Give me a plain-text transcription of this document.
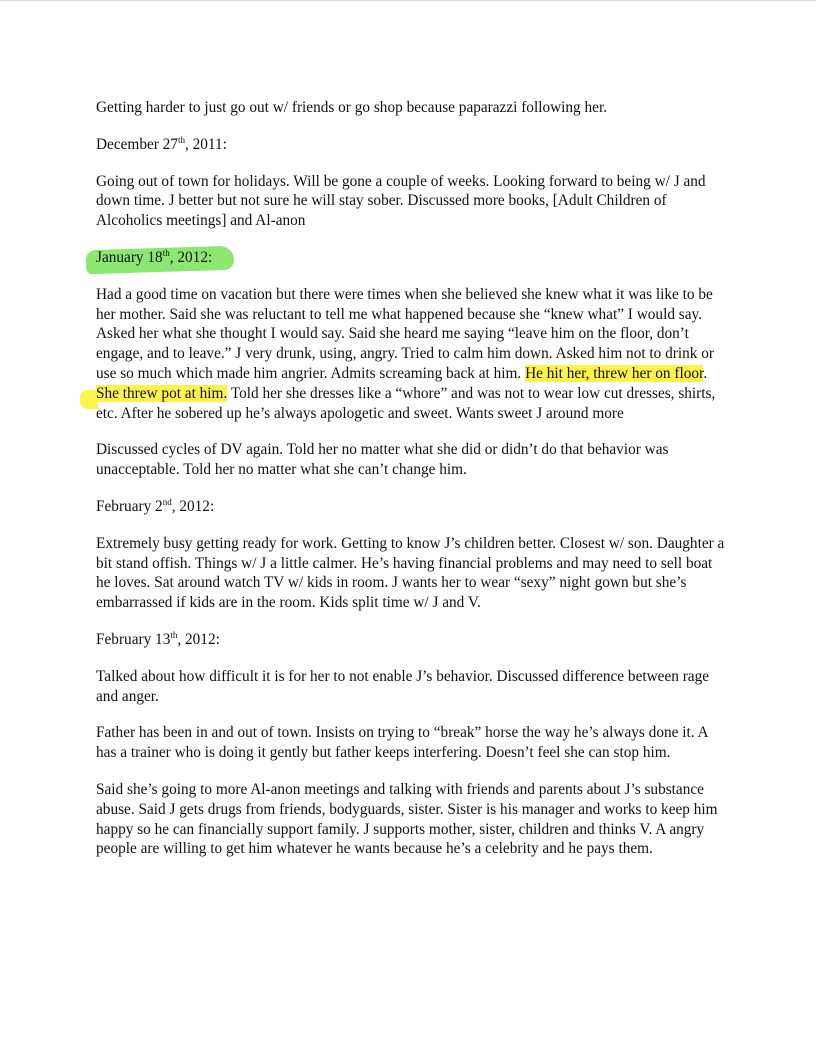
Getting harder to just go out w/ friends or go shop because paparazzi following her.

December 27th, 2011:

Going out of town for holidays. Will be gone a couple of weeks. Looking forward to being w/ J and down time. J better but not sure he will stay sober. Discussed more books, [Adult Children of Alcoholics meetings] and Al-anon

January 18th, 2012:

Had a good time on vacation but there were times when she believed she knew what it was like to be her mother. Said she was reluctant to tell me what happened because she “knew what” I would say. Asked her what she thought I would say. Said she heard me saying “leave him on the floor, don’t engage, and to leave.” J very drunk, using, angry. Tried to calm him down. Asked him not to drink or use so much which made him angrier. Admits screaming back at him. He hit her, threw her on floor. She threw pot at him. Told her she dresses like a “whore” and was not to wear low cut dresses, shirts, etc. After he sobered up he’s always apologetic and sweet. Wants sweet J around more

Discussed cycles of DV again. Told her no matter what she did or didn’t do that behavior was unacceptable. Told her no matter what she can’t change him.

February 2nd, 2012:

Extremely busy getting ready for work. Getting to know J’s children better. Closest w/ son. Daughter a bit stand offish. Things w/ J a little calmer. He’s having financial problems and may need to sell boat he loves. Sat around watch TV w/ kids in room. J wants her to wear “sexy” night gown but she’s embarrassed if kids are in the room. Kids split time w/ J and V.

February 13th, 2012:

Talked about how difficult it is for her to not enable J’s behavior. Discussed difference between rage and anger.

Father has been in and out of town. Insists on trying to “break” horse the way he’s always done it. A has a trainer who is doing it gently but father keeps interfering. Doesn’t feel she can stop him.

Said she’s going to more Al-anon meetings and talking with friends and parents about J’s substance abuse. Said J gets drugs from friends, bodyguards, sister. Sister is his manager and works to keep him happy so he can financially support family. J supports mother, sister, children and thinks V. A angry people are willing to get him whatever he wants because he’s a celebrity and he pays them.
